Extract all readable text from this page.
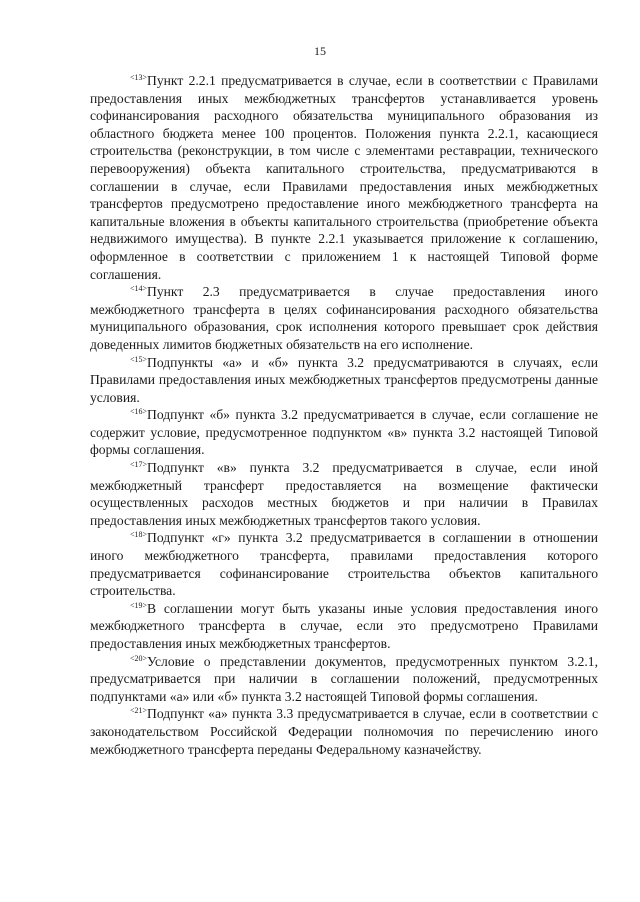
15

$^{<13>}$Пункт 2.2.1 предусматривается в случае, если в соответствии с Правилами предоставления иных межбюджетных трансфертов устанавливается уровень софинансирования расходного обязательства муниципального образования из областного бюджета менее 100 процентов. Положения пункта 2.2.1, касающиеся строительства (реконструкции, в том числе с элементами реставрации, технического перевооружения) объекта капитального строительства, предусматриваются в соглашении в случае, если Правилами предоставления иных межбюджетных трансфертов предусмотрено предоставление иного межбюджетного трансферта на капитальные вложения в объекты капитального строительства (приобретение объекта недвижимого имущества). В пункте 2.2.1 указывается приложение к соглашению, оформленное в соответствии с приложением 1 к настоящей Типовой форме соглашения.

$^{<14>}$Пункт 2.3 предусматривается в случае предоставления иного межбюджетного трансферта в целях софинансирования расходного обязательства муниципального образования, срок исполнения которого превышает срок действия доведенных лимитов бюджетных обязательств на его исполнение.

$^{<15>}$Подпункты «а» и «б» пункта 3.2 предусматриваются в случаях, если Правилами предоставления иных межбюджетных трансфертов предусмотрены данные условия.

$^{<16>}$Подпункт «б» пункта 3.2 предусматривается в случае, если соглашение не содержит условие, предусмотренное подпунктом «в» пункта 3.2 настоящей Типовой формы соглашения.

$^{<17>}$Подпункт «в» пункта 3.2 предусматривается в случае, если иной межбюджетный трансферт предоставляется на возмещение фактически осуществленных расходов местных бюджетов и при наличии в Правилах предоставления иных межбюджетных трансфертов такого условия.

$^{<18>}$Подпункт «г» пункта 3.2 предусматривается в соглашении в отношении иного межбюджетного трансферта, правилами предоставления которого предусматривается софинансирование строительства объектов капитального строительства.

$^{<19>}$В соглашении могут быть указаны иные условия предоставления иного межбюджетного трансферта в случае, если это предусмотрено Правилами предоставления иных межбюджетных трансфертов.

$^{<20>}$Условие о представлении документов, предусмотренных пунктом 3.2.1, предусматривается при наличии в соглашении положений, предусмотренных подпунктами «а» или «б» пункта 3.2 настоящей Типовой формы соглашения.

$^{<21>}$Подпункт «а» пункта 3.3 предусматривается в случае, если в соответствии с законодательством Российской Федерации полномочия по перечислению иного межбюджетного трансферта переданы Федеральному казначейству.
